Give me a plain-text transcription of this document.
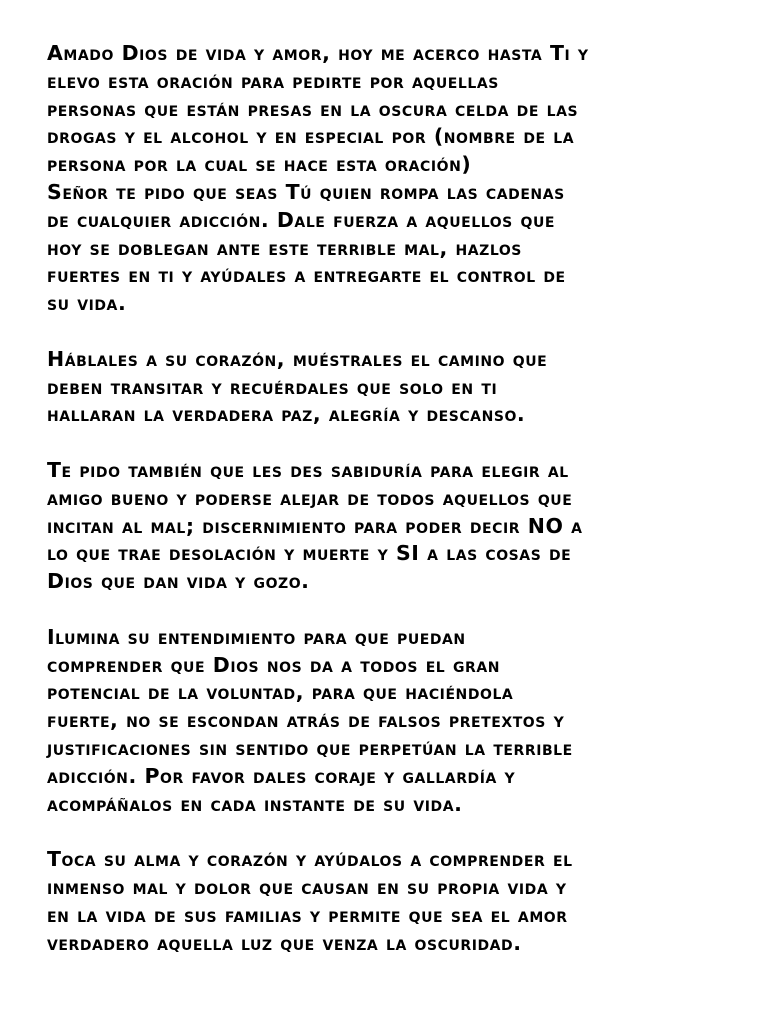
Amado Dios de vida y amor, hoy me acerco hasta Ti y
elevo esta oración para pedirte por aquellas
personas que están presas en la oscura celda de las
drogas y el alcohol y en especial por (nombre de la
persona por la cual se hace esta oración)
Señor te pido que seas Tú quien rompa las cadenas
de cualquier adicción. Dale fuerza a aquellos que
hoy se doblegan ante este terrible mal, hazlos
fuertes en ti y ayúdales a entregarte el control de
su vida.
Háblales a su corazón, muéstrales el camino que
deben transitar y recuérdales que solo en ti
hallaran la verdadera paz, alegría y descanso.
Te pido también que les des sabiduría para elegir al
amigo bueno y poderse alejar de todos aquellos que
incitan al mal; discernimiento para poder decir NO a
lo que trae desolación y muerte y SI a las cosas de
Dios que dan vida y gozo.
Ilumina su entendimiento para que puedan
comprender que Dios nos da a todos el gran
potencial de la voluntad, para que haciéndola
fuerte, no se escondan atrás de falsos pretextos y
justificaciones sin sentido que perpetúan la terrible
adicción. Por favor dales coraje y gallardía y
acompáñalos en cada instante de su vida.
Toca su alma y corazón y ayúdalos a comprender el
inmenso mal y dolor que causan en su propia vida y
en la vida de sus familias y permite que sea el amor
verdadero aquella luz que venza la oscuridad.
